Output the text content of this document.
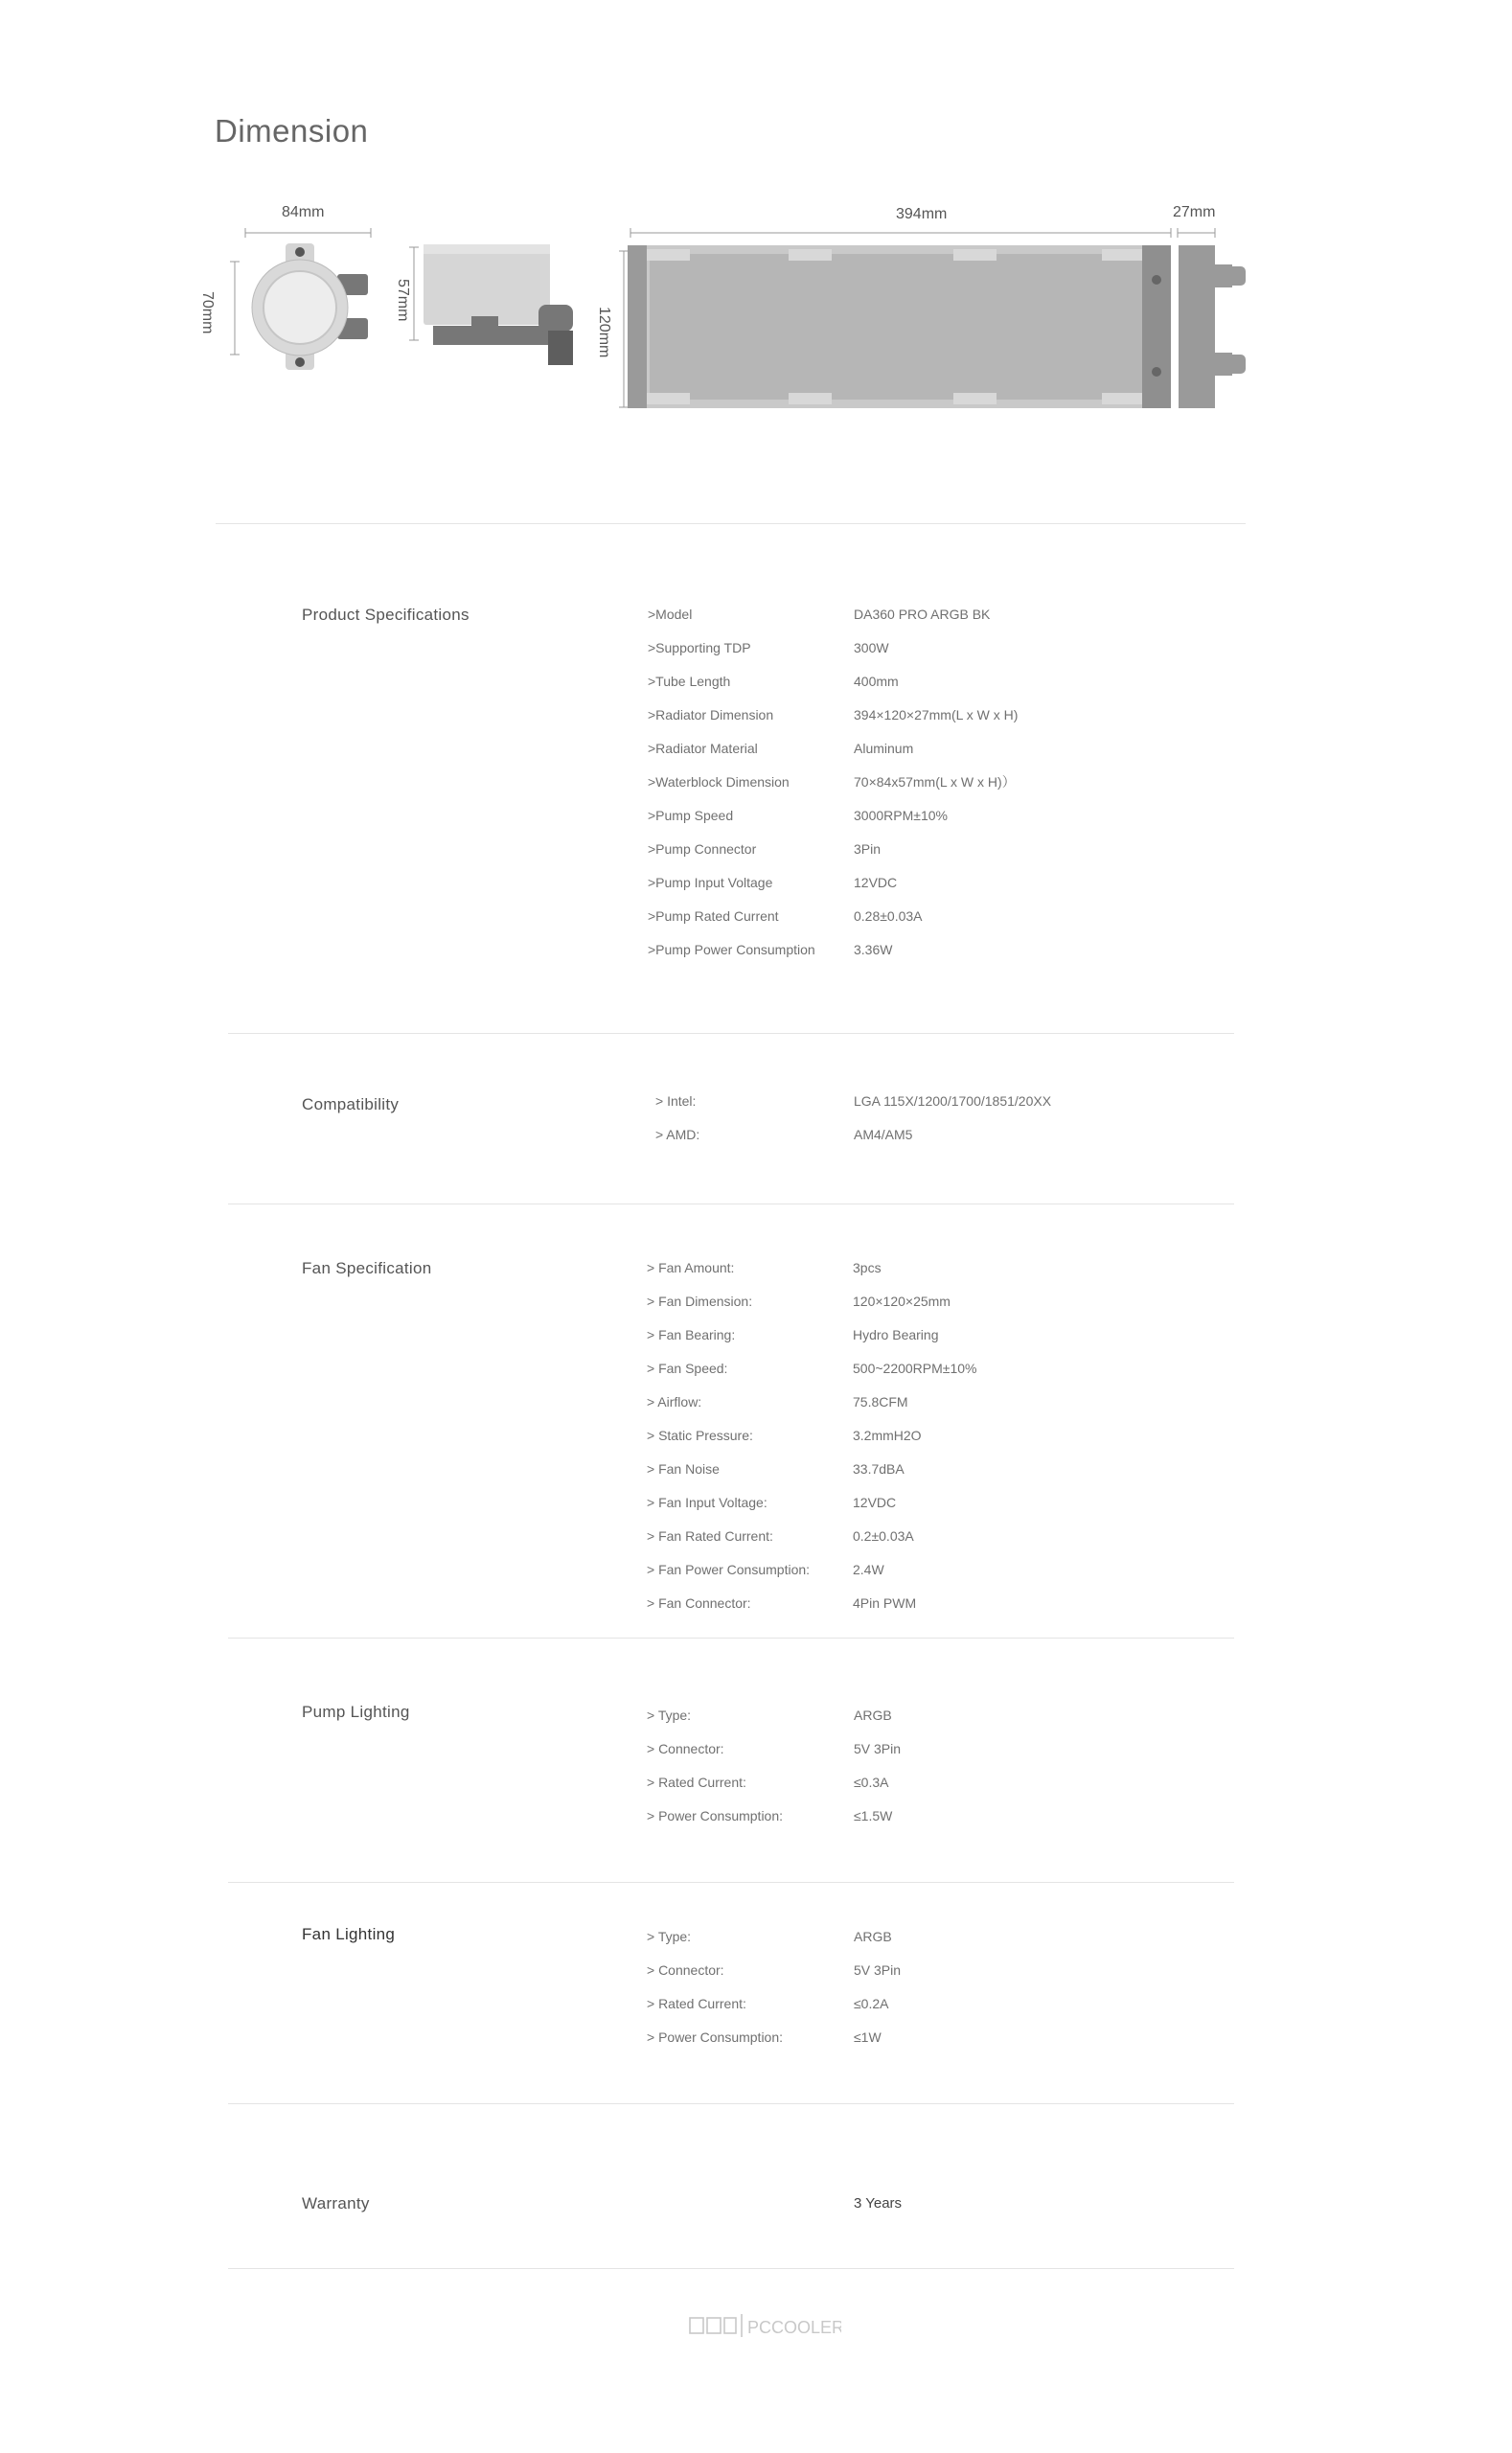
Dimension
84mm
70mm	57mm
394mm
120mm
27mm
Product Specifications	>Model	DA360 PRO ARGB BK
>Supporting TDP	300W
>Tube Length	400mm
>Radiator Dimension	394×120×27mm(L x W x H)
>Radiator Material	Aluminum
>Waterblock Dimension	70×84x57mm(L x W x H)）
>Pump Speed	3000RPM±10%
>Pump Connector	3Pin
>Pump Input Voltage	12VDC
>Pump Rated Current	0.28±0.03A
>Pump Power Consumption	3.36W
Compatibility	> Intel:	LGA 115X/1200/1700/1851/20XX
> AMD:	AM4/AM5
Fan Specification	> Fan Amount:	3pcs
> Fan Dimension:	120×120×25mm
> Fan Bearing:	Hydro Bearing
> Fan Speed:	500~2200RPM±10%
> Airflow:	75.8CFM
> Static Pressure:	3.2mmH2O
> Fan Noise	33.7dBA
> Fan Input Voltage:	12VDC
> Fan Rated Current:	0.2±0.03A
> Fan Power Consumption:	2.4W
> Fan Connector:	4Pin PWM
Pump Lighting	> Type:	ARGB
> Connector:	5V 3Pin
> Rated Current:	≤0.3A
> Power Consumption:	≤1.5W
Fan Lighting	> Type:	ARGB
> Connector:	5V 3Pin
> Rated Current:	≤0.2A
> Power Consumption:	≤1W
Warranty	3 Years
PCCOOLER
